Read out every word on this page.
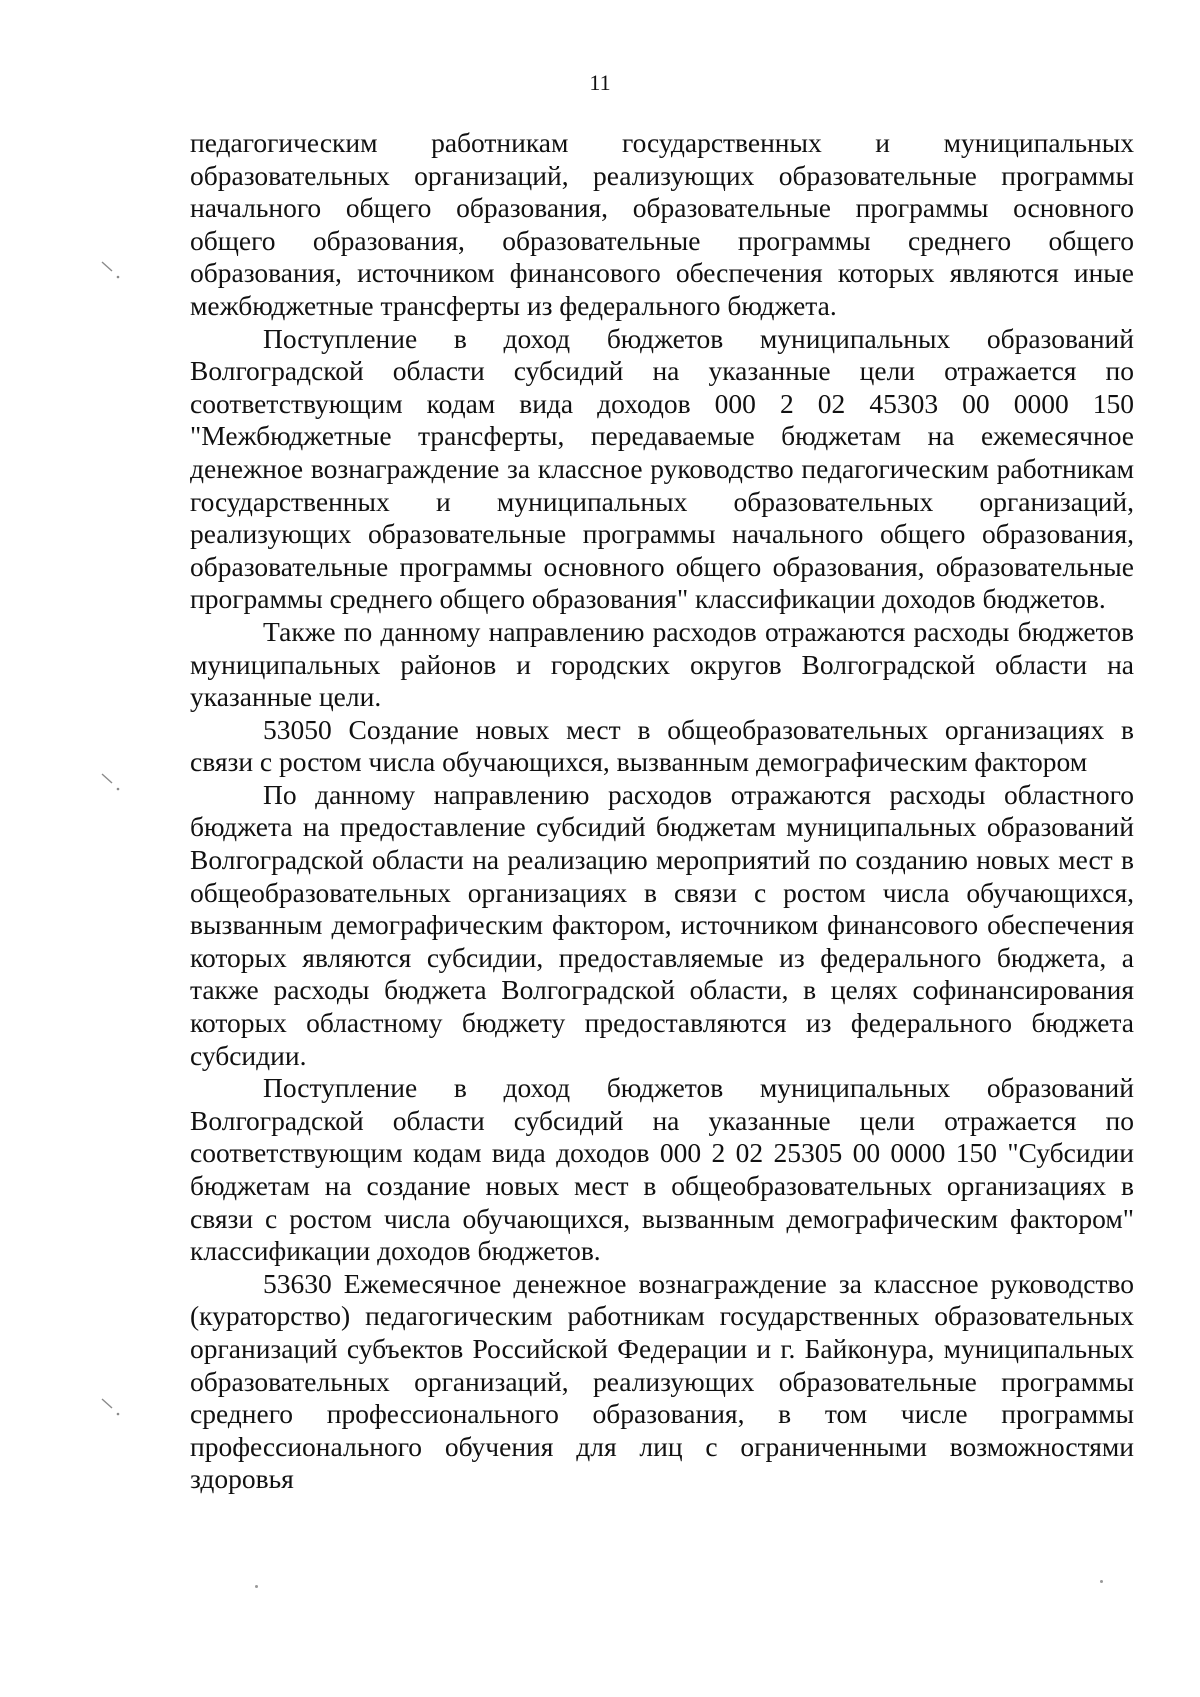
11

педагогическим работникам государственных и муниципальных образовательных организаций, реализующих образовательные программы начального общего образования, образовательные программы основного общего образования, образовательные программы среднего общего образования, источником финансового обеспечения которых являются иные межбюджетные трансферты из федерального бюджета.

Поступление в доход бюджетов муниципальных образований Волгоградской области субсидий на указанные цели отражается по соответствующим кодам вида доходов 000 2 02 45303 00 0000 150 "Межбюджетные трансферты, передаваемые бюджетам на ежемесячное денежное вознаграждение за классное руководство педагогическим работникам государственных и муниципальных образовательных организаций, реализующих образовательные программы начального общего образования, образовательные программы основного общего образования, образовательные программы среднего общего образования" классификации доходов бюджетов.

Также по данному направлению расходов отражаются расходы бюджетов муниципальных районов и городских округов Волгоградской области на указанные цели.

53050 Создание новых мест в общеобразовательных организациях в связи с ростом числа обучающихся, вызванным демографическим фактором

По данному направлению расходов отражаются расходы областного бюджета на предоставление субсидий бюджетам муниципальных образований Волгоградской области на реализацию мероприятий по созданию новых мест в общеобразовательных организациях в связи с ростом числа обучающихся, вызванным демографическим фактором, источником финансового обеспечения которых являются субсидии, предоставляемые из федерального бюджета, а также расходы бюджета Волгоградской области, в целях софинансирования которых областному бюджету предоставляются из федерального бюджета субсидии.

Поступление в доход бюджетов муниципальных образований Волгоградской области субсидий на указанные цели отражается по соответствующим кодам вида доходов 000 2 02 25305 00 0000 150 "Субсидии бюджетам на создание новых мест в общеобразовательных организациях в связи с ростом числа обучающихся, вызванным демографическим фактором" классификации доходов бюджетов.

53630 Ежемесячное денежное вознаграждение за классное руководство (кураторство) педагогическим работникам государственных образовательных организаций субъектов Российской Федерации и г. Байконура, муниципальных образовательных организаций, реализующих образовательные программы среднего профессионального образования, в том числе программы профессионального обучения для лиц с ограниченными возможностями здоровья
